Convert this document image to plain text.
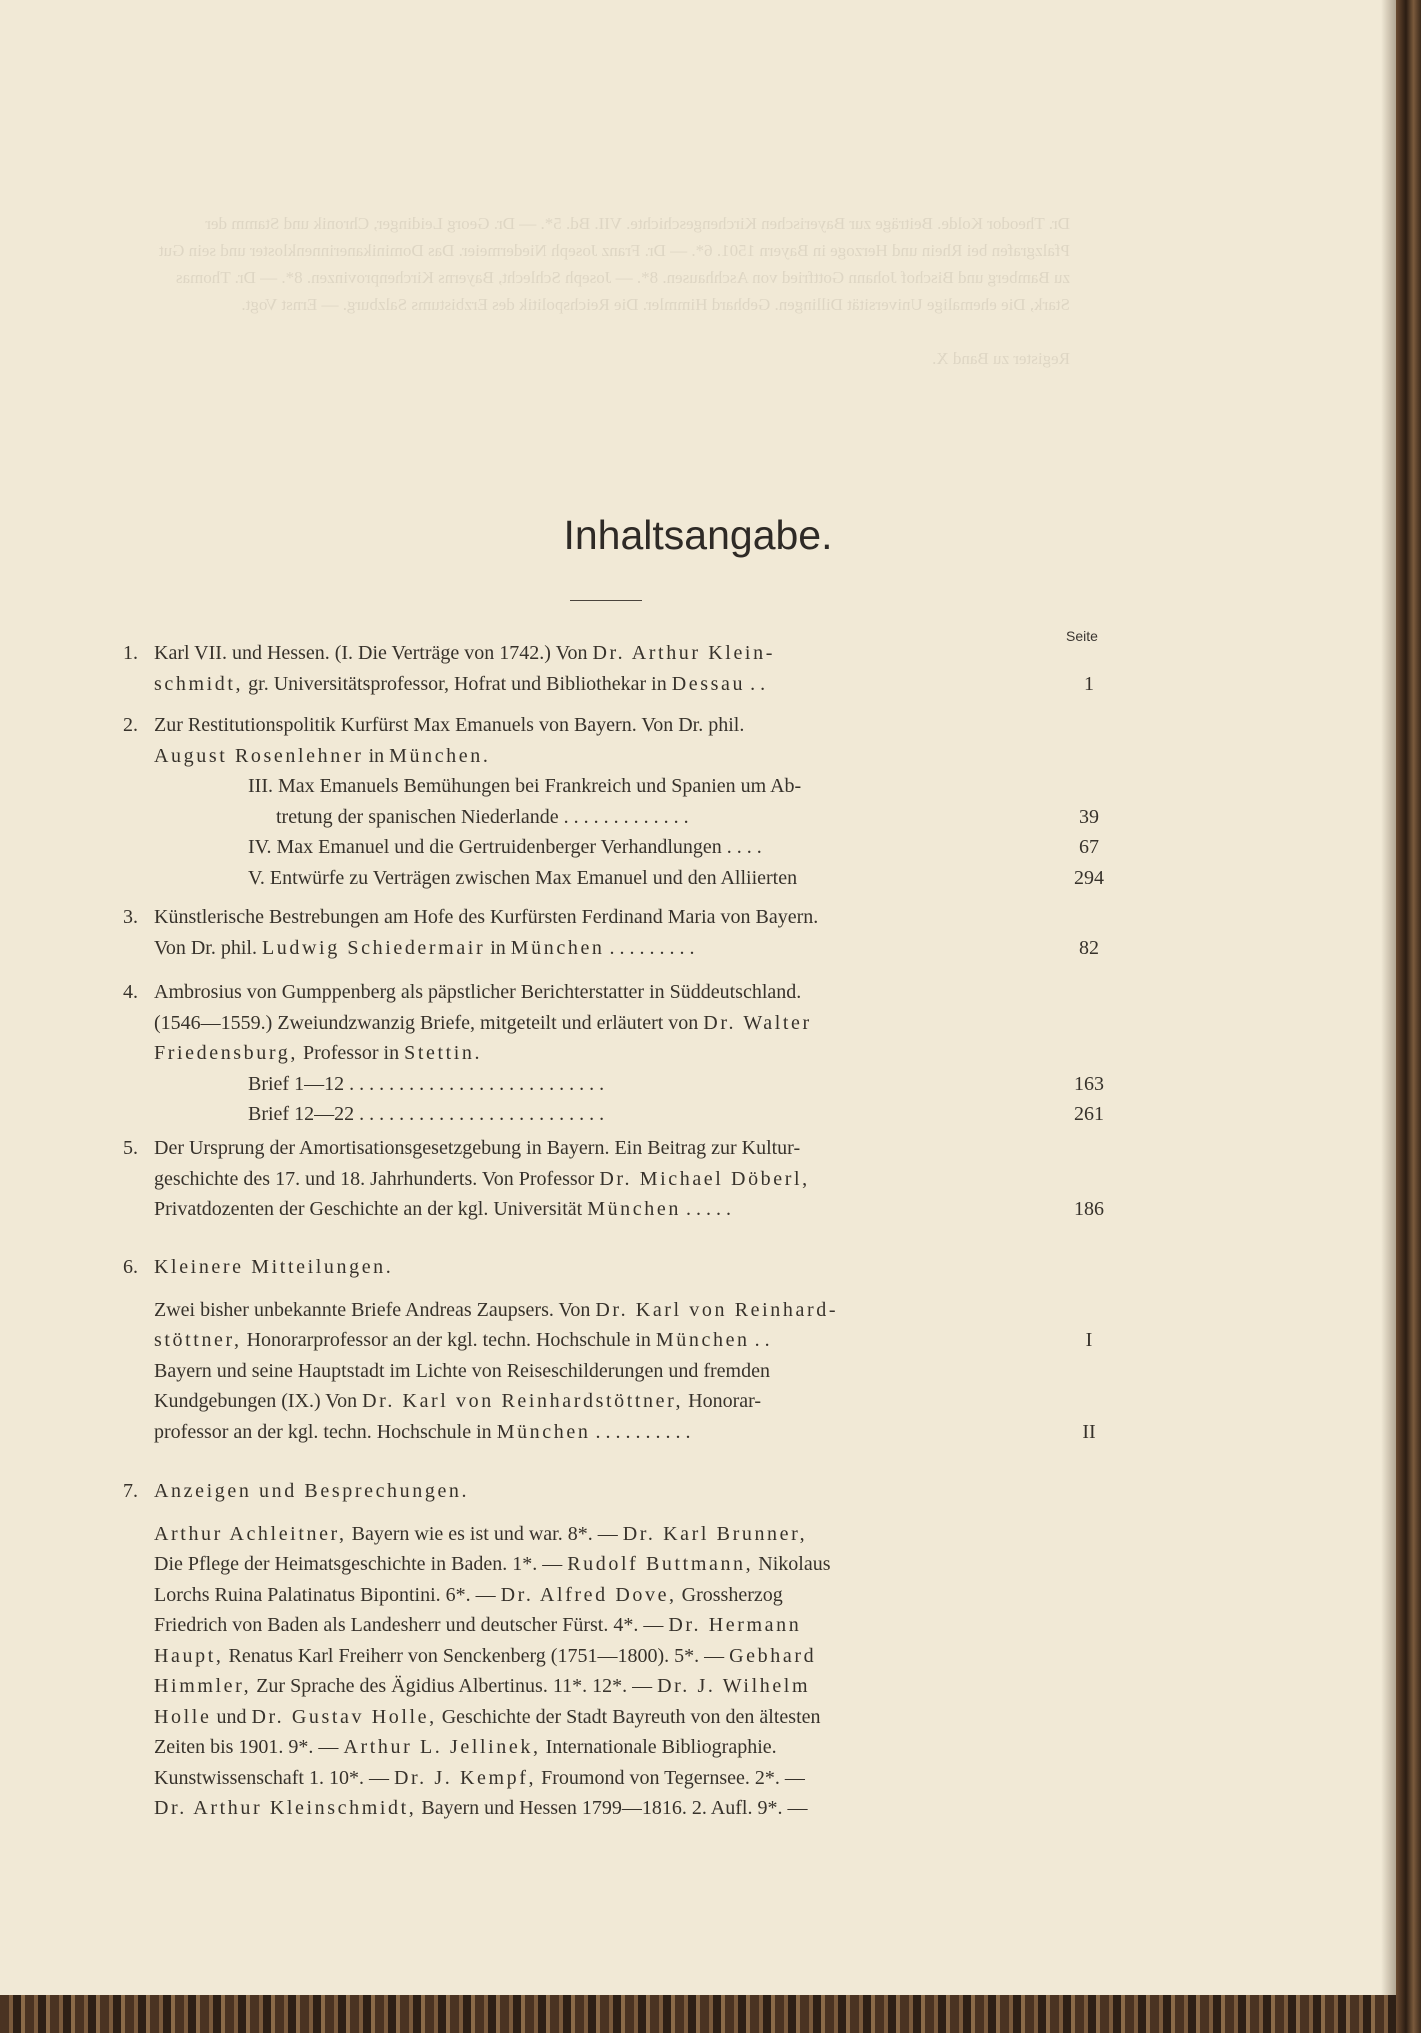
Dr. Theodor Kolde. Beiträge zur Bayerischen Kirchengeschichte. VII. Bd. 5*. — Dr. Georg Leidinger, Chronik und Stamm der Pfalzgrafen bei Rhein und Herzoge in Bayern 1501. 6*. — Dr. Franz Joseph Niedermeier. Das Dominikanerinnenkloster und sein Gut zu Bamberg und Bischof Johann Gottfried von Aschhausen. 8*. — Joseph Schlecht, Bayerns Kirchenprovinzen. 8*. — Dr. Thomas Stark, Die ehemalige Universität Dillingen. Gebhard Himmler. Die Reichspolitik des Erzbistums Salzburg. — Ernst Vogt.

Register zu Band X.
Inhaltsangabe.
Seite
1. Karl VII. und Hessen. (I. Die Verträge von 1742.) Von Dr. Arthur Klein-
schmidt, gr. Universitätsprofessor, Hofrat und Bibliothekar in Dessau . .	1
2. Zur Restitutionspolitik Kurfürst Max Emanuels von Bayern. Von Dr. phil.
August Rosenlehner in München.
III. Max Emanuels Bemühungen bei Frankreich und Spanien um Ab-
tretung der spanischen Niederlande . . . . . . . . . . . . .	39
IV. Max Emanuel und die Gertruidenberger Verhandlungen . . . .	67
V. Entwürfe zu Verträgen zwischen Max Emanuel und den Alliierten	294
3. Künstlerische Bestrebungen am Hofe des Kurfürsten Ferdinand Maria von Bayern.
Von Dr. phil. Ludwig Schiedermair in München . . . . . . . . .	82
4. Ambrosius von Gumppenberg als päpstlicher Berichterstatter in Süddeutschland.
(1546—1559.) Zweiundzwanzig Briefe, mitgeteilt und erläutert von Dr. Walter
Friedensburg, Professor in Stettin.
Brief 1—12 . . . . . . . . . . . . . . . . . . . . . . . . . .	163
Brief 12—22 . . . . . . . . . . . . . . . . . . . . . . . . .	261
5. Der Ursprung der Amortisationsgesetzgebung in Bayern. Ein Beitrag zur Kultur-
geschichte des 17. und 18. Jahrhunderts. Von Professor Dr. Michael Döberl,
Privatdozenten der Geschichte an der kgl. Universität München . . . . .	186
6. Kleinere Mitteilungen.
Zwei bisher unbekannte Briefe Andreas Zaupsers. Von Dr. Karl von Reinhard-
stöttner, Honorarprofessor an der kgl. techn. Hochschule in München . .	I
Bayern und seine Hauptstadt im Lichte von Reiseschilderungen und fremden
Kundgebungen (IX.) Von Dr. Karl von Reinhardstöttner, Honorar-
professor an der kgl. techn. Hochschule in München . . . . . . . . . .	II
7. Anzeigen und Besprechungen.
Arthur Achleitner, Bayern wie es ist und war. 8*. — Dr. Karl Brunner,
Die Pflege der Heimatsgeschichte in Baden. 1*. — Rudolf Buttmann, Nikolaus
Lorchs Ruina Palatinatus Bipontini. 6*. — Dr. Alfred Dove, Grossherzog
Friedrich von Baden als Landesherr und deutscher Fürst. 4*. — Dr. Hermann
Haupt, Renatus Karl Freiherr von Senckenberg (1751—1800). 5*. — Gebhard
Himmler, Zur Sprache des Ägidius Albertinus. 11*. 12*. — Dr. J. Wilhelm
Holle und Dr. Gustav Holle, Geschichte der Stadt Bayreuth von den ältesten
Zeiten bis 1901. 9*. — Arthur L. Jellinek, Internationale Bibliographie.
Kunstwissenschaft 1. 10*. — Dr. J. Kempf, Froumond von Tegernsee. 2*. —
Dr. Arthur Kleinschmidt, Bayern und Hessen 1799—1816. 2. Aufl. 9*. —
